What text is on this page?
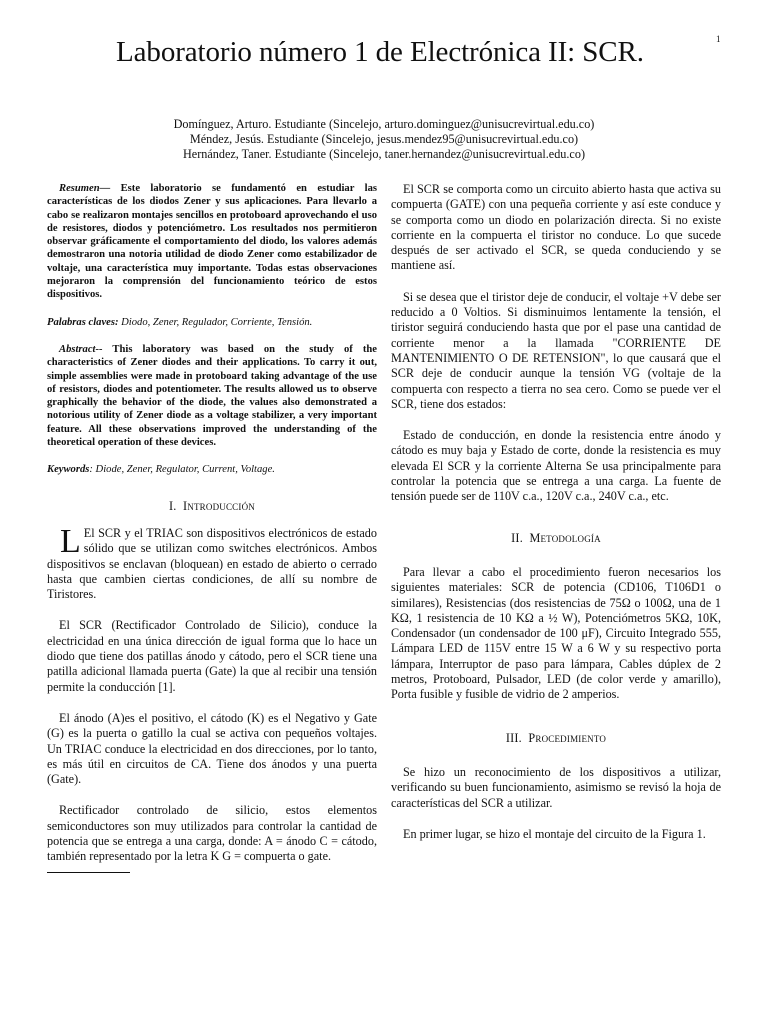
1
Laboratorio número 1 de Electrónica II: SCR.
Domínguez, Arturo. Estudiante (Sincelejo, arturo.dominguez@unisucrevirtual.edu.co)
Méndez, Jesús. Estudiante (Sincelejo, jesus.mendez95@unisucrevirtual.edu.co)
Hernández, Taner. Estudiante (Sincelejo, taner.hernandez@unisucrevirtual.edu.co)

Resumen— Este laboratorio se fundamentó en estudiar las características de los diodos Zener y sus aplicaciones. Para llevarlo a cabo se realizaron montajes sencillos en protoboard aprovechando el uso de resistores, diodos y potenciómetro. Los resultados nos permitieron observar gráficamente el comportamiento del diodo, los valores además demostraron una notoria utilidad de diodo Zener como estabilizador de voltaje, una característica muy importante. Todas estas observaciones mejoraron la comprensión del funcionamiento teórico de estos dispositivos.

Palabras claves: Diodo, Zener, Regulador, Corriente, Tensión.

Abstract-- This laboratory was based on the study of the characteristics of Zener diodes and their applications. To carry it out, simple assemblies were made in protoboard taking advantage of the use of resistors, diodes and potentiometer. The results allowed us to observe graphically the behavior of the diode, the values also demonstrated a notorious utility of Zener diode as a voltage stabilizer, a very important feature. All these observations improved the understanding of the theoretical operation of these devices.

Keywords: Diode, Zener, Regulator, Current, Voltage.

I. Introducción

L El SCR y el TRIAC son dispositivos electrónicos de estado sólido que se utilizan como switches electrónicos. Ambos dispositivos se enclavan (bloquean) en estado de abierto o cerrado hasta que cambien ciertas condiciones, de allí su nombre de Tiristores.

El SCR (Rectificador Controlado de Silicio), conduce la electricidad en una única dirección de igual forma que lo hace un diodo que tiene dos patillas ánodo y cátodo, pero el SCR tiene una patilla adicional llamada puerta (Gate) la que al recibir una tensión permite la conducción [1].

El ánodo (A)es el positivo, el cátodo (K) es el Negativo y Gate (G) es la puerta o gatillo la cual se activa con pequeños voltajes. Un TRIAC conduce la electricidad en dos direcciones, por lo tanto, es más útil en circuitos de CA. Tiene dos ánodos y una puerta (Gate).

Rectificador controlado de silicio, estos elementos semiconductores son muy utilizados para controlar la cantidad de potencia que se entrega a una carga, donde: A = ánodo C = cátodo, también representado por la letra K G = compuerta o gate.

El SCR se comporta como un circuito abierto hasta que activa su compuerta (GATE) con una pequeña corriente y así este conduce y se comporta como un diodo en polarización directa. Si no existe corriente en la compuerta el tiristor no conduce. Lo que sucede después de ser activado el SCR, se queda conduciendo y se mantiene así.

Si se desea que el tiristor deje de conducir, el voltaje +V debe ser reducido a 0 Voltios. Si disminuimos lentamente la tensión, el tiristor seguirá conduciendo hasta que por el pase una cantidad de corriente menor a la llamada "CORRIENTE DE MANTENIMIENTO O DE RETENSION", lo que causará que el SCR deje de conducir aunque la tensión VG (voltaje de la compuerta con respecto a tierra no sea cero. Como se puede ver el SCR, tiene dos estados:

Estado de conducción, en donde la resistencia entre ánodo y cátodo es muy baja y Estado de corte, donde la resistencia es muy elevada El SCR y la corriente Alterna Se usa principalmente para controlar la potencia que se entrega a una carga. La fuente de tensión puede ser de 110V c.a., 120V c.a., 240V c.a., etc.

II. Metodología

Para llevar a cabo el procedimiento fueron necesarios los siguientes materiales: SCR de potencia (CD106, T106D1 o similares), Resistencias (dos resistencias de 75Ω o 100Ω, una de 1 KΩ, 1 resistencia de 10 KΩ a ½ W), Potenciómetros 5KΩ, 10K, Condensador (un condensador de 100 μF), Circuito Integrado 555, Lámpara LED de 115V entre 15 W a 6 W y su respectivo porta lámpara, Interruptor de paso para lámpara, Cables dúplex de 2 metros, Protoboard, Pulsador, LED (de color verde y amarillo), Porta fusible y fusible de vidrio de 2 amperios.

III. Procedimiento

Se hizo un reconocimiento de los dispositivos a utilizar, verificando su buen funcionamiento, asimismo se revisó la hoja de características del SCR a utilizar.

En primer lugar, se hizo el montaje del circuito de la Figura 1.
